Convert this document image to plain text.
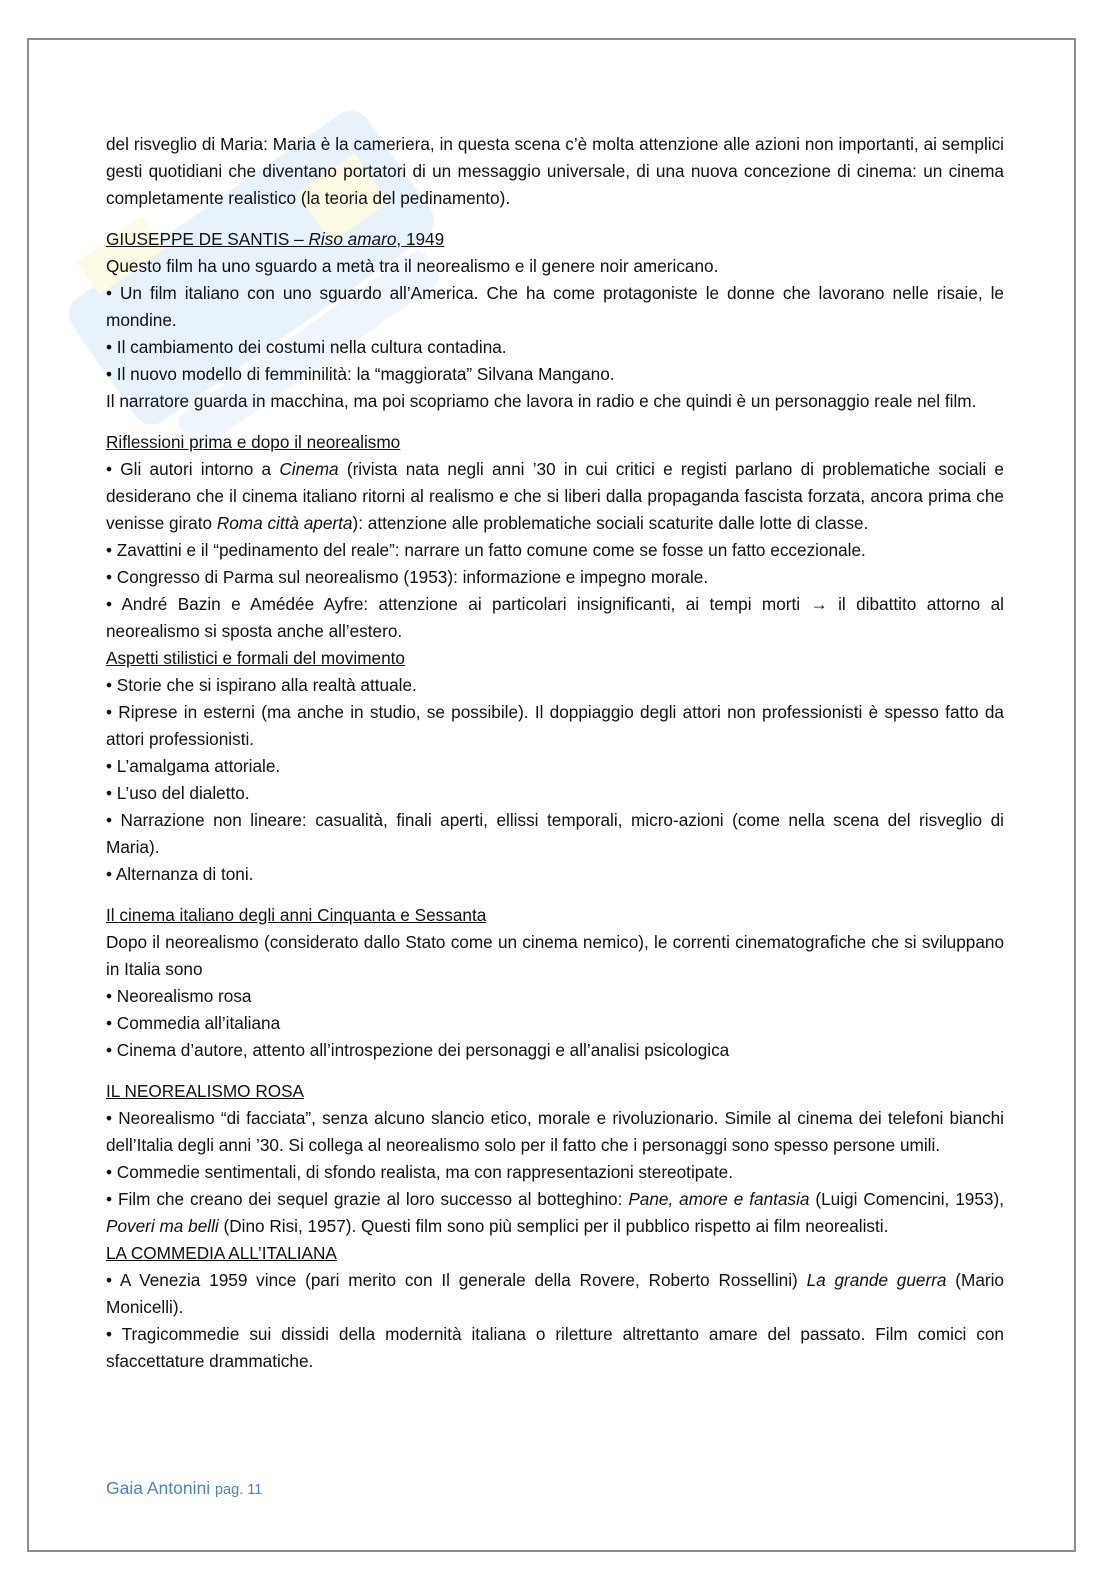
del risveglio di Maria: Maria è la cameriera, in questa scena c’è molta attenzione alle azioni non importanti, ai semplici gesti quotidiani che diventano portatori di un messaggio universale, di una nuova concezione di cinema: un cinema completamente realistico (la teoria del pedinamento).

GIUSEPPE DE SANTIS – Riso amaro, 1949

Questo film ha uno sguardo a metà tra il neorealismo e il genere noir americano.

• Un film italiano con uno sguardo all’America. Che ha come protagoniste le donne che lavorano nelle risaie, le mondine.

• Il cambiamento dei costumi nella cultura contadina.

• Il nuovo modello di femminilità: la “maggiorata” Silvana Mangano.

Il narratore guarda in macchina, ma poi scopriamo che lavora in radio e che quindi è un personaggio reale nel film.

Riflessioni prima e dopo il neorealismo

• Gli autori intorno a Cinema (rivista nata negli anni ’30 in cui critici e registi parlano di problematiche sociali e desiderano che il cinema italiano ritorni al realismo e che si liberi dalla propaganda fascista forzata, ancora prima che venisse girato Roma città aperta): attenzione alle problematiche sociali scaturite dalle lotte di classe.

• Zavattini e il “pedinamento del reale”: narrare un fatto comune come se fosse un fatto eccezionale.

• Congresso di Parma sul neorealismo (1953): informazione e impegno morale.

• André Bazin e Amédée Ayfre: attenzione ai particolari insignificanti, ai tempi morti → il dibattito attorno al neorealismo si sposta anche all’estero.

Aspetti stilistici e formali del movimento

• Storie che si ispirano alla realtà attuale.

• Riprese in esterni (ma anche in studio, se possibile). Il doppiaggio degli attori non professionisti è spesso fatto da attori professionisti.

• L’amalgama attoriale.

• L’uso del dialetto.

• Narrazione non lineare: casualità, finali aperti, ellissi temporali, micro-azioni (come nella scena del risveglio di Maria).

• Alternanza di toni.

Il cinema italiano degli anni Cinquanta e Sessanta

Dopo il neorealismo (considerato dallo Stato come un cinema nemico), le correnti cinematografiche che si sviluppano in Italia sono

• Neorealismo rosa

• Commedia all’italiana

• Cinema d’autore, attento all’introspezione dei personaggi e all’analisi psicologica

IL NEOREALISMO ROSA

• Neorealismo “di facciata”, senza alcuno slancio etico, morale e rivoluzionario. Simile al cinema dei telefoni bianchi dell’Italia degli anni ’30. Si collega al neorealismo solo per il fatto che i personaggi sono spesso persone umili.

• Commedie sentimentali, di sfondo realista, ma con rappresentazioni stereotipate.

• Film che creano dei sequel grazie al loro successo al botteghino: Pane, amore e fantasia (Luigi Comencini, 1953), Poveri ma belli (Dino Risi, 1957). Questi film sono più semplici per il pubblico rispetto ai film neorealisti.

LA COMMEDIA ALL’ITALIANA

• A Venezia 1959 vince (pari merito con Il generale della Rovere, Roberto Rossellini) La grande guerra (Mario Monicelli).

• Tragicommedie sui dissidi della modernità italiana o riletture altrettanto amare del passato. Film comici con sfaccettature drammatiche.

Gaia Antonini pag. 11
